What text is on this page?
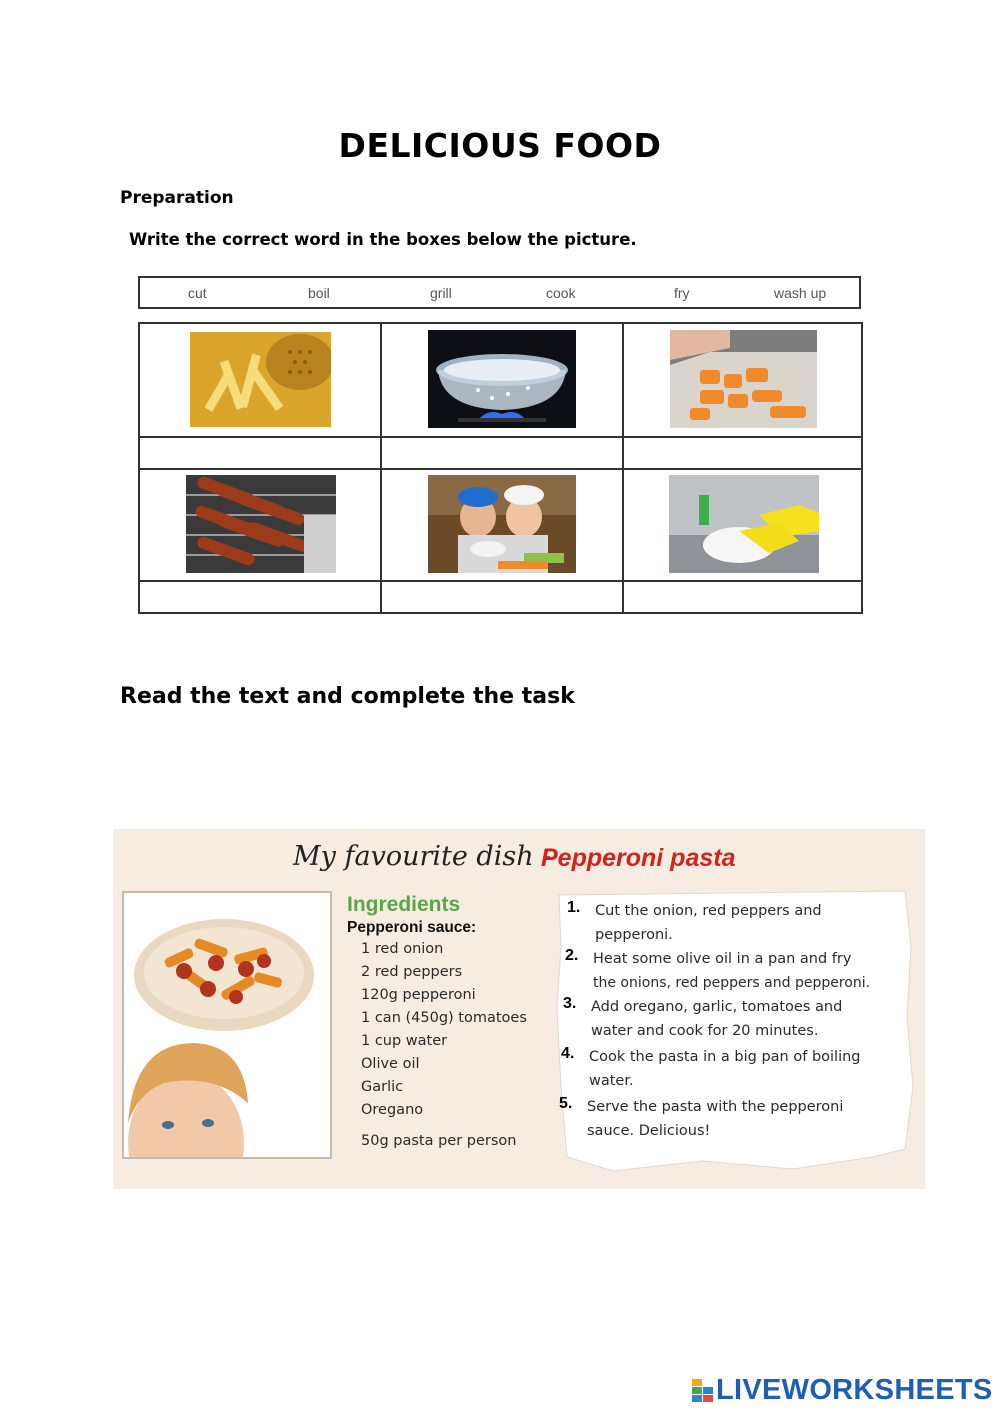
DELICIOUS FOOD
Preparation
Write the correct word in the boxes below the picture.
cut	boil	grill	cook	fry	wash up
Read the text and complete the task
My favourite dish -
Pepperoni pasta
Ingredients
Pepperoni sauce:
1 red onion
2 red peppers
120g pepperoni
1 can (450g) tomatoes
1 cup water
Olive oil
Garlic
Oregano
50g pasta per person
1. Cut the onion, red peppers and
pepperoni.
2. Heat some olive oil in a pan and fry
the onions, red peppers and pepperoni.
3. Add oregano, garlic, tomatoes and
water and cook for 20 minutes.
4. Cook the pasta in a big pan of boiling
water.
5. Serve the pasta with the pepperoni
sauce. Delicious!
LIVEWORKSHEETS
